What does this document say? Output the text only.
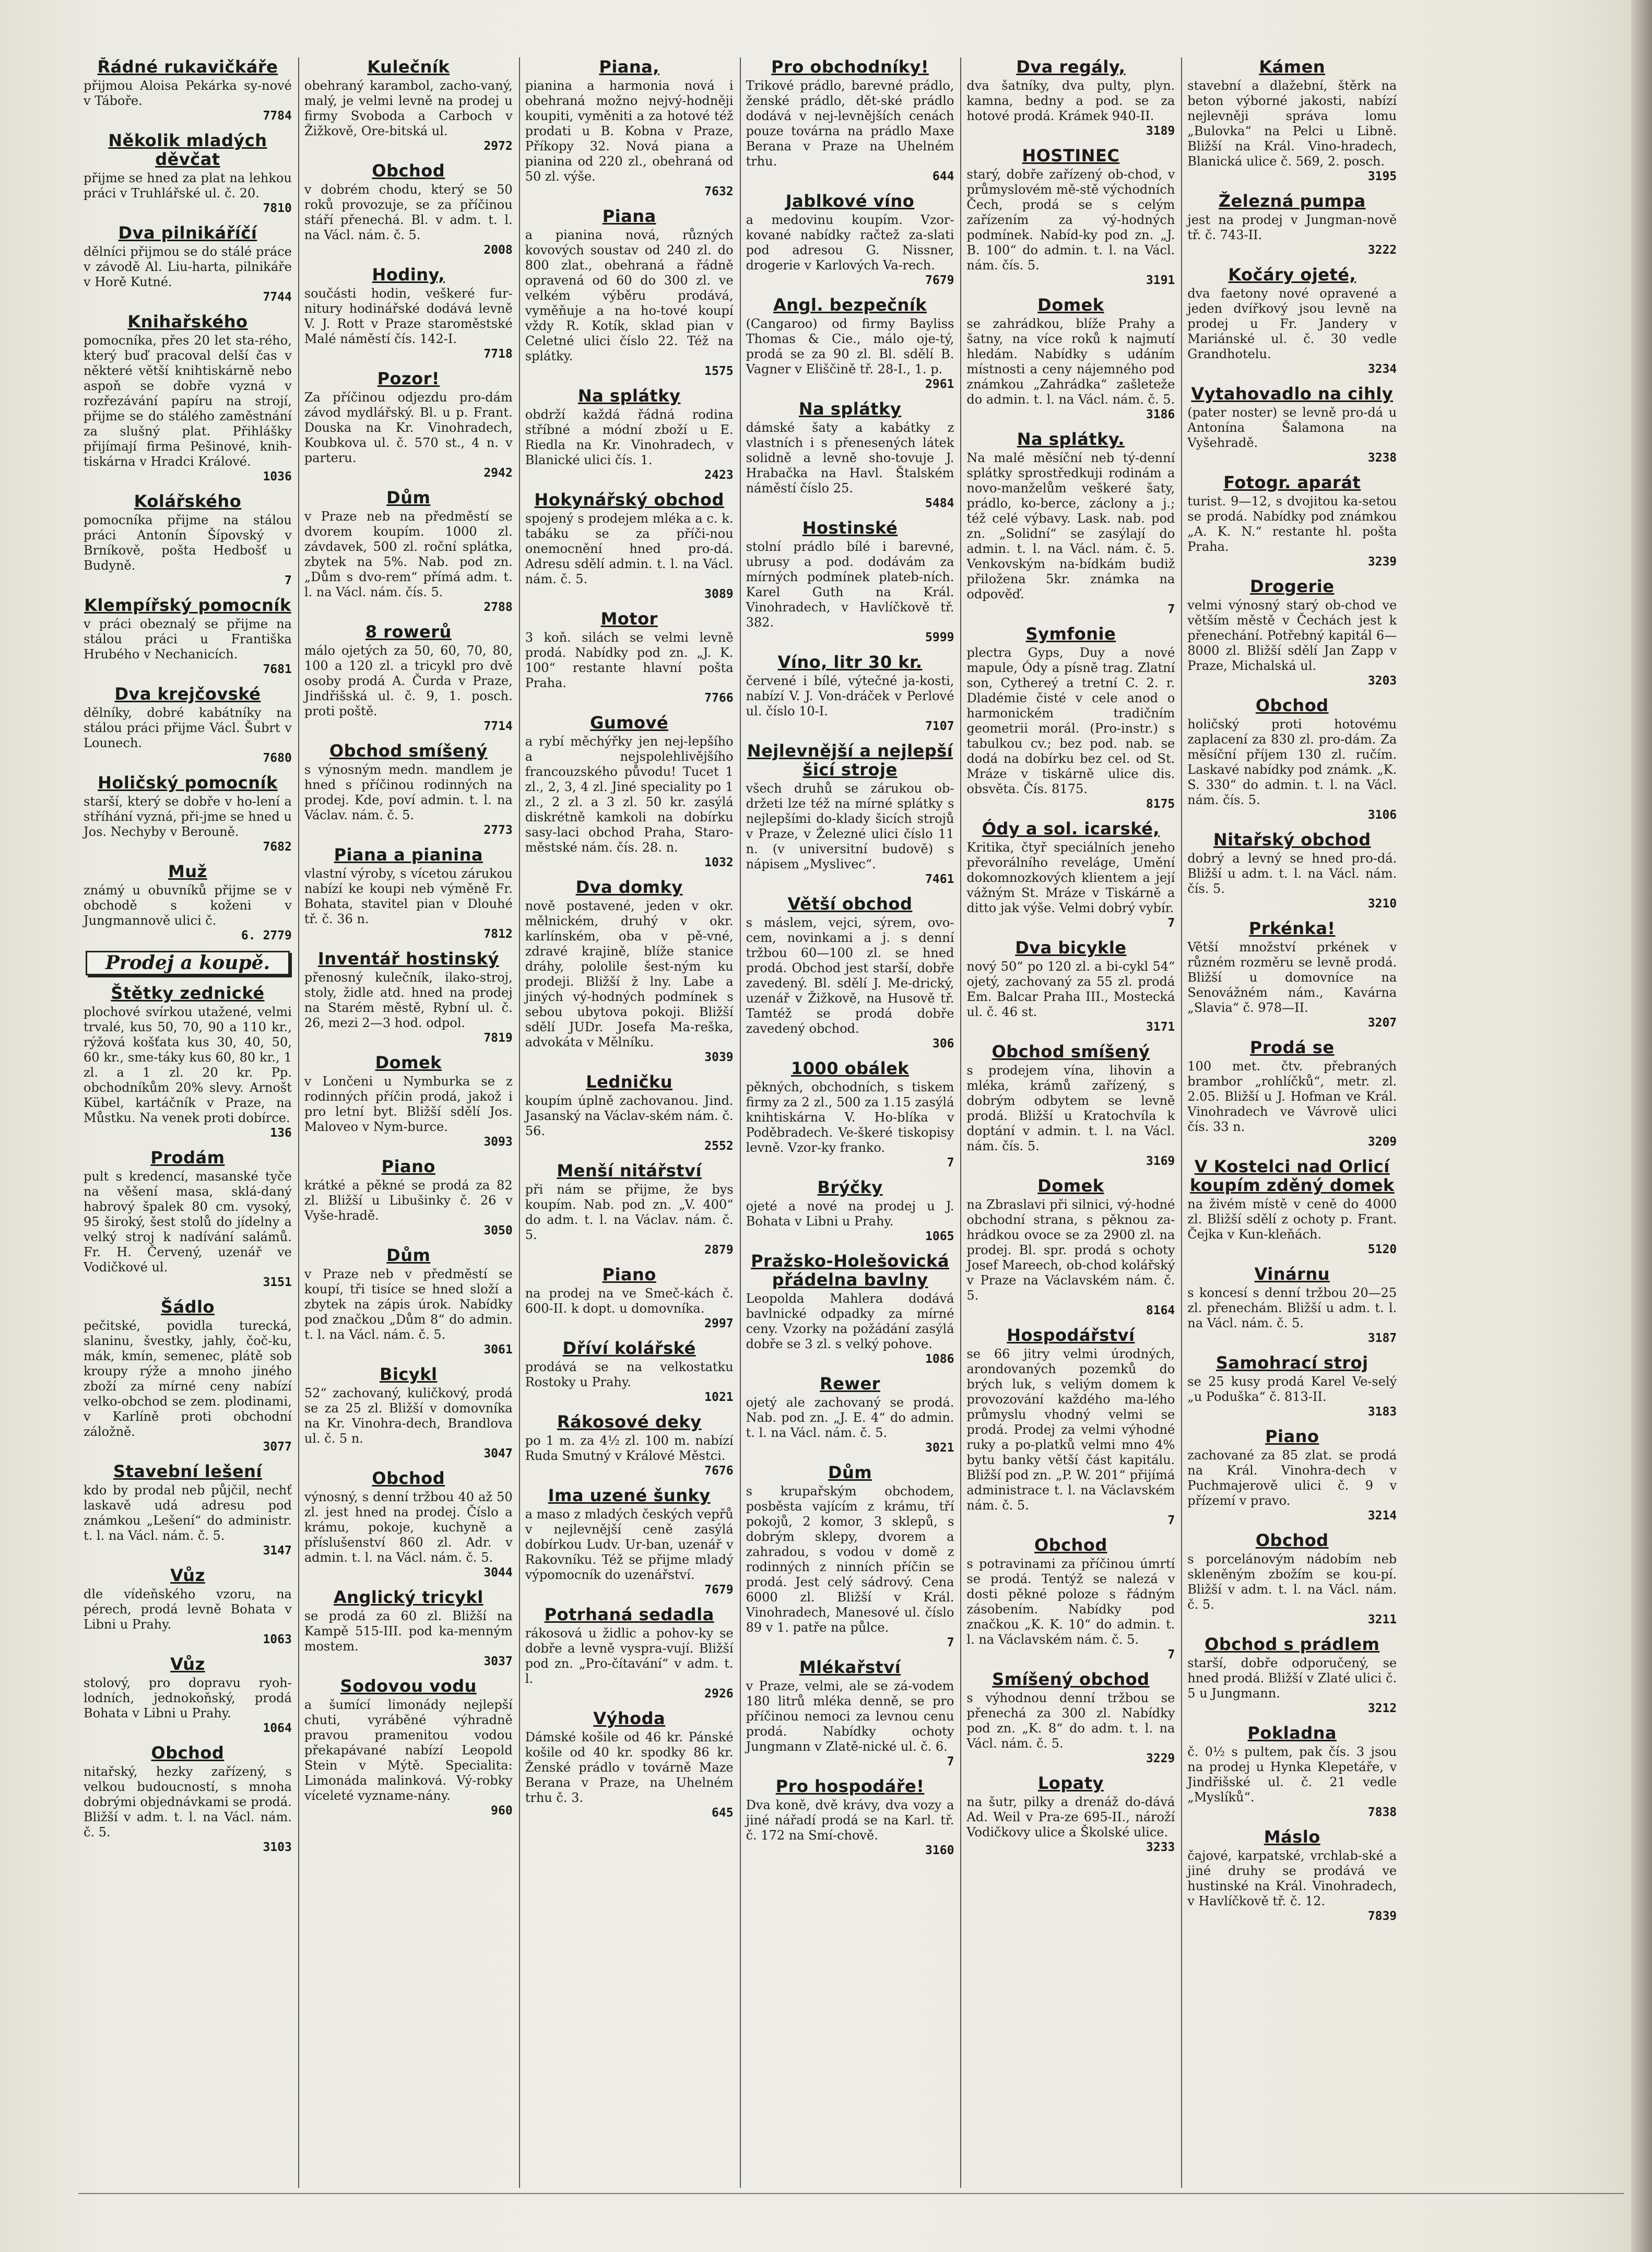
Řádné rukavičkáře

přijmou Aloisa Pekárka sy-nové v Táboře.

7784
Několik mladých děvčat

přijme se hned za plat na lehkou práci v Truhlářské ul. č. 20.

7810
Dva pilnikáříčí

dělníci přijmou se do stálé práce v závodě Al. Liu-harta, pilnikáře v Horě Kutné.

7744
Knihařského

pomocníka, přes 20 let sta-rého, který buď pracoval delší čas v některé větší knihtiskárně nebo aspoň se dobře vyzná v rozřezávání papíru na strojí, přijme se do stálého zaměstnání za slušný plat. Přihlášky přijímají firma Pešinové, knih-tiskárna v Hradci Králové.

1036
Kolářského

pomocníka přijme na stálou práci Antonín Šípovský v Brníkově, pošta Hedbošť u Budyně.

7
Klempířský pomocník

v práci obeznalý se přijme na stálou práci u Františka Hrubého v Nechanicích.

7681
Dva krejčovské

dělníky, dobré kabátníky na stálou práci přijme Václ. Šubrt v Lounech.

7680
Holičský pomocník

starší, který se dobře v ho-lení a stříhání vyzná, při-jme se hned u Jos. Nechyby v Berouně.

7682
Muž

známý u obuvníků přijme se v obchodě s koženi v Jungmannově ulici č.

6. 2779
Prodej a koupě.
Štětky zednické

plochové svírkou utažené, velmi trvalé, kus 50, 70, 90 a 110 kr., rýžová košťata kus 30, 40, 50, 60 kr., sme-táky kus 60, 80 kr., 1 zl. a 1 zl. 20 kr. Pp. obchodníkům 20% slevy. Arnošt Kübel, kartáčník v Praze, na Můstku. Na venek proti dobírce.

136
Prodám

pult s kredencí, masanské tyče na věšení masa, sklá-daný habrový špalek 80 cm. vysoký, 95 široký, šest stolů do jídelny a velký stroj k nadívání salámů. Fr. H. Červený, uzenář ve Vodičkové ul.

3151
Šádlo

pečitské, povidla turecká, slaninu, švestky, jahly, čoč-ku, mák, kmín, semenec, plátě sob kroupy rýže a mnoho jiného zboží za mírné ceny nabízí velko-obchod se zem. plodinami, v Karlíně proti obchodní záložně.

3077
Stavební lešení

kdo by prodal neb půjčil, nechť laskavě udá adresu pod známkou „Lešení“ do administr. t. l. na Václ. nám. č. 5.

3147
Vůz

dle vídeňského vzoru, na pérech, prodá levně Bohata v Libni u Prahy.

1063
Vůz

stolový, pro dopravu ryoh-lodních, jednokoňský, prodá Bohata v Libni u Prahy.

1064
Obchod

nitařský, hezky zařízený, s velkou budoucností, s mnoha dobrými objednávkami se prodá. Bližší v adm. t. l. na Václ. nám. č. 5.

3103
Kulečník

obehraný karambol, zacho-vaný, malý, je velmi levně na prodej u firmy Svoboda a Carboch v Žižkově, Ore-bitská ul.

2972
Obchod

v dobrém chodu, který se 50 roků provozuje, se za příčinou stáří přenechá. Bl. v adm. t. l. na Václ. nám. č. 5.

2008
Hodiny,

součásti hodin, veškeré fur-nitury hodinářské dodává levně V. J. Rott v Praze staroměstské Malé náměstí čís. 142-I.

7718
Pozor!

Za příčinou odjezdu pro-dám závod mydlářský. Bl. u p. Frant. Douska na Kr. Vinohradech, Koubkova ul. č. 570 st., 4 n. v parteru.

2942
Dům

v Praze neb na předměstí se dvorem koupím. 1000 zl. závdavek, 500 zl. roční splátka, zbytek na 5%. Nab. pod zn. „Dům s dvo-rem“ přímá adm. t. l. na Václ. nám. čís. 5.

2788
8 rowerů

málo ojetých za 50, 60, 70, 80, 100 a 120 zl. a tricykl pro dvě osoby prodá A. Čurda v Praze, Jindřišská ul. č. 9, 1. posch. proti poště.

7714
Obchod smíšený

s výnosným medn. mandlem je hned s příčinou rodinných na prodej. Kde, poví admin. t. l. na Václav. nám. č. 5.

2773
Piana a pianina

vlastní výroby, s vícetou zárukou nabízí ke koupi neb výměně Fr. Bohata, stavitel pian v Dlouhé tř. č. 36 n.

7812
Inventář hostinský

přenosný kulečník, ilako-stroj, stoly, židle atd. hned na prodej na Starém městě, Rybní ul. č. 26, mezi 2—3 hod. odpol.

7819
Domek

v Lončeni u Nymburka se z rodinných příčin prodá, jakož i pro letní byt. Bližší sdělí Jos. Maloveo v Nym-burce.

3093
Piano

krátké a pěkné se prodá za 82 zl. Bližší u Libušinky č. 26 v Vyše-hradě.

3050
Dům

v Praze neb v předměstí se koupí, tři tisíce se hned složí a zbytek na zápis úrok. Nabídky pod značkou „Dům 8“ do admin. t. l. na Václ. nám. č. 5.

3061
Bicykl

52“ zachovaný, kuličkový, prodá se za 25 zl. Bližší v domovníka na Kr. Vinohra-dech, Brandlova ul. č. 5 n.

3047
Obchod

výnosný, s denní tržbou 40 až 50 zl. jest hned na prodej. Číslo a krámu, pokoje, kuchyně a příslušenství 860 zl. Adr. v admin. t. l. na Václ. nám. č. 5.

3044
Anglický tricykl

se prodá za 60 zl. Bližší na Kampě 515-III. pod ka-menným mostem.

3037
Sodovou vodu

a šumící limonády nejlepší chuti, vyráběné výhradně pravou pramenitou vodou překapávané nabízí Leopold Stein v Mýtě. Specialita: Limonáda malinková. Vý-robky víceleté vyzname-nány.

960
Piana,

pianina a harmonia nová i obehraná možno nejvý-hodněji koupiti, vyměniti a za hotové též prodati u B. Kobna v Praze, Příkopy 32. Nová piana a pianina od 220 zl., obehraná od 50 zl. výše.

7632
Piana

a pianina nová, různých kovových soustav od 240 zl. do 800 zlat., obehraná a řádně opravená od 60 do 300 zl. ve velkém výběru prodává, vyměňuje a na ho-tové koupí vždy R. Kotík, sklad pian v Celetné ulici číslo 22. Též na splátky.

1575
Na splátky

obdrží každá řádná rodina stříbné a módní zboží u E. Riedla na Kr. Vinohradech, v Blanické ulici čís. 1.

2423
Hokynářský obchod

spojený s prodejem mléka a c. k. tabáku se za příči-nou onemocnění hned pro-dá. Adresu sdělí admin. t. l. na Václ. nám. č. 5.

3089
Motor

3 koň. silách se velmi levně prodá. Nabídky pod zn. „J. K. 100“ restante hlavní pošta Praha.

7766
Gumové

a rybí měchýřky jen nej-lepšího a nejspolehlivějšího francouzského původu! Tucet 1 zl., 2, 3, 4 zl. Jiné speciality po 1 zl., 2 zl. a 3 zl. 50 kr. zasýlá diskrétně kamkoli na dobírku sasy-laci obchod Praha, Staro-městské nám. čís. 28. n.

1032
Dva domky

nově postavené, jeden v okr. mělnickém, druhý v okr. karlínském, oba v pě-vné, zdravé krajině, blíže stanice dráhy, pololile šest-ným ku prodeji. Bližší ž lny. Labe a jiných vý-hodných podmínek s sebou ubytova pokoji. Bližší sdělí JUDr. Josefa Ma-reška, advokáta v Mělníku.

3039
Ledničku

koupím úplně zachovanou. Jind. Jasanský na Václav-ském nám. č. 56.

2552
Menší nitářství

při nám se přijme, že bys koupím. Nab. pod zn. „V. 400“ do adm. t. l. na Václav. nám. č. 5.

2879
Piano

na prodej na ve Smeč-kách č. 600-II. k dopt. u domovníka.

2997
Dříví kolářské

prodává se na velkostatku Rostoky u Prahy.

1021
Rákosové deky

po 1 m. za 4½ zl. 100 m. nabízí Ruda Smutný v Králové Městci.

7676
Ima uzené šunky

a maso z mladých českých vepřů v nejlevnější ceně zasýlá dobírkou Ludv. Ur-ban, uzenář v Rakovníku. Též se přijme mladý výpomocník do uzenářství.

7679
Potrhaná sedadla

rákosová u židlic a pohov-ky se dobře a levně vyspra-vují. Bližší pod zn. „Pro-čítavání“ v adm. t. l.

2926
Výhoda

Dámské košile od 46 kr. Pánské košile od 40 kr. spodky 86 kr. Ženské prádlo v továrně Maze Berana v Praze, na Uhelném trhu č. 3.

645
Pro obchodníky!

Trikové prádlo, barevné prádlo, ženské prádlo, dět-ské prádlo dodává v nej-levnějších cenách pouze továrna na prádlo Maxe Berana v Praze na Uhelném trhu.

644
Jablkové víno

a medovinu koupím. Vzor-kované nabídky račtež za-slati pod adresou G. Nissner, drogerie v Karlových Va-rech.

7679
Angl. bezpečník

(Cangaroo) od firmy Bayliss Thomas & Cie., málo oje-tý, prodá se za 90 zl. Bl. sdělí B. Vagner v Eliščině tř. 28-I., 1. p.

2961
Na splátky

dámské šaty a kabátky z vlastních i s přenesených látek solidně a levně sho-tovuje J. Hrabačka na Havl. Štalském náměstí číslo 25.

5484
Hostinské

stolní prádlo bílé i barevné, ubrusy a pod. dodávám za mírných podmínek plateb-ních. Karel Guth na Král. Vinohradech, v Havlíčkově tř. 382.

5999
Víno, litr 30 kr.

červené i bílé, výtečné ja-kosti, nabízí V. J. Von-dráček v Perlové ul. číslo 10-I.

7107
Nejlevnější a nejlepší šicí stroje

všech druhů se zárukou ob-držeti lze též na mírné splátky s nejlepšími do-klady šicích strojů v Praze, v Železné ulici číslo 11 n. (v universitní budově) s nápisem „Myslivec“.

7461
Větší obchod

s máslem, vejci, sýrem, ovo-cem, novinkami a j. s denní tržbou 60—100 zl. se hned prodá. Obchod jest starší, dobře zavedený. Bl. sdělí J. Me-drický, uzenář v Žižkově, na Husově tř. Tamtéž se prodá dobře zavedený obchod.

306
1000 obálek

pěkných, obchodních, s tiskem firmy za 2 zl., 500 za 1.15 zasýlá knihtiskárna V. Ho-blíka v Poděbradech. Ve-škeré tiskopisy levně. Vzor-ky franko.

7
Brýčky

ojeté a nové na prodej u J. Bohata v Libni u Prahy.

1065
Pražsko-Holešovická přádelna bavlny

Leopolda Mahlera dodává bavlnické odpadky za mírné ceny. Vzorky na požádání zasýlá dobře se 3 zl. s velký pohove.

1086
Rewer

ojetý ale zachovaný se prodá. Nab. pod zn. „J. E. 4“ do admin. t. l. na Václ. nám. č. 5.

3021
Dům

s krupařským obchodem, posběsta vajícím z krámu, tří pokojů, 2 komor, 3 sklepů, s dobrým sklepy, dvorem a zahradou, s vodou v domě z rodinných z ninních příčin se prodá. Jest celý sádrový. Cena 6000 zl. Bližší v Král. Vinohradech, Manesové ul. číslo 89 v 1. patře na půlce.

7
Mlékařství

v Praze, velmi, ale se zá-vodem 180 litrů mléka denně, se pro příčinou nemoci za levnou cenu prodá. Nabídky ochoty Jungmann v Zlatě-nické ul. č. 6.

7
Pro hospodáře!

Dva koně, dvě krávy, dva vozy a jiné nářadí prodá se na Karl. tř. č. 172 na Smí-chově.

3160
Dva regály,

dva šatníky, dva pulty, plyn. kamna, bedny a pod. se za hotové prodá. Krámek 940-II.

3189
HOSTINEC

starý, dobře zařízený ob-chod, v průmyslovém mě-stě východních Čech, prodá se s celým zařízením za vý-hodných podmínek. Nabíd-ky pod zn. „J. B. 100“ do admin. t. l. na Václ. nám. čís. 5.

3191
Domek

se zahrádkou, blíže Prahy a šatny, na více roků k najmutí hledám. Nabídky s udáním místnosti a ceny nájemného pod známkou „Zahrádka“ zašleteže do admin. t. l. na Václ. nám. č. 5.

3186
Na splátky.

Na malé měsíční neb tý-denní splátky sprostředkuji rodinám a novo-manželům veškeré šaty, prádlo, ko-berce, záclony a j.; též celé výbavy. Lask. nab. pod zn. „Solidní“ se zasýlají do admin. t. l. na Václ. nám. č. 5. Venkovským na-bídkám budiž přiložena 5kr. známka na odpověď.

7
Symfonie

plectra Gyps, Duy a nové mapule, Ódy a písně trag. Zlatní son, Cythereý a tretní C. 2. r. Dladémie čisté v cele anod o harmonickém tradičním geometrii morál. (Pro-instr.) s tabulkou cv.; bez pod. nab. se dodá na dobírku bez cel. od St. Mráze v tiskárně ulice dis. obsvěta. Čís. 8175.

8175
Ódy a sol. icarské,

Kritika, čtyř speciálních jeneho převorálního reveláge, Umění dokomnozkových klientem a její vážným St. Mráze v Tiskárně a ditto jak výše. Velmi dobrý vybír.

7
Dva bicykle

nový 50“ po 120 zl. a bi-cykl 54“ ojetý, zachovaný za 55 zl. prodá Em. Balcar Praha III., Mostecká ul. č. 46 st.

3171
Obchod smíšený

s prodejem vína, lihovin a mléka, krámů zařízený, s dobrým odbytem se levně prodá. Bližší u Kratochvíla k doptání v admin. t. l. na Václ. nám. čís. 5.

3169
Domek

na Zbraslavi při silnici, vý-hodné obchodní strana, s pěknou za-hrádkou ovoce se za 2900 zl. na prodej. Bl. spr. prodá s ochoty Josef Mareech, ob-chod kolářský v Praze na Václavském nám. č. 5.

8164
Hospodářství

se 66 jitry velmi úrodných, arondovaných pozemků do brých luk, s veliým domem k provozování každého ma-lého průmyslu vhodný velmi se prodá. Prodej za velmi výhodné ruky a po-platků velmi mno 4% bytu banky větší část kapitálu. Bližší pod zn. „P. W. 201“ přijímá administrace t. l. na Václavském nám. č. 5.

7
Obchod

s potravinami za příčinou úmrtí se prodá. Tentýž se nalezá v dosti pěkné poloze s řádným zásobením. Nabídky pod značkou „K. K. 10“ do admin. t. l. na Václavském nám. č. 5.

7
Smíšený obchod

s výhodnou denní tržbou se přenechá za 300 zl. Nabídky pod zn. „K. 8“ do adm. t. l. na Václ. nám. č. 5.

3229
Lopaty

na šutr, pilky a drenáž do-dává Ad. Weil v Pra-ze 695-II., nároží Vodičkovy ulice a Školské ulice.

3233
Kámen

stavební a dlažební, štěrk na beton výborné jakosti, nabízí nejlevněji správa lomu „Bulovka“ na Pelci u Libně. Bližší na Král. Vino-hradech, Blanická ulice č. 569, 2. posch.

3195
Železná pumpa

jest na prodej v Jungman-nově tř. č. 743-II.

3222
Kočáry ojeté,

dva faetony nové opravené a jeden dvířkový jsou levně na prodej u Fr. Jandery v Mariánské ul. č. 30 vedle Grandhotelu.

3234
Vytahovadlo na cihly

(pater noster) se levně pro-dá u Antonína Šalamona na Vyšehradě.

3238
Fotogr. aparát

turist. 9—12, s dvojitou ka-setou se prodá. Nabídky pod známkou „A. K. N.“ restante hl. pošta Praha.

3239
Drogerie

velmi výnosný starý ob-chod ve větším městě v Čechách jest k přenechání. Potřebný kapitál 6—8000 zl. Bližší sdělí Jan Zapp v Praze, Michalská ul.

3203
Obchod

holičský proti hotovému zaplacení za 830 zl. pro-dám. Za měsíční příjem 130 zl. ručím. Laskavé nabídky pod známk. „K. S. 330“ do admin. t. l. na Václ. nám. čís. 5.

3106
Nitařský obchod

dobrý a levný se hned pro-dá. Bližší u adm. t. l. na Václ. nám. čís. 5.

3210
Prkénka!

Větší množství prkének v různém rozměru se levně prodá. Bližší u domovníce na Senovážném nám., Kavárna „Slavia“ č. 978—II.

3207
Prodá se

100 met. čtv. přebraných brambor „rohlíčků“, metr. zl. 2.05. Bližší u J. Hofman ve Král. Vinohradech ve Vávrově ulici čís. 33 n.

3209
V Kostelci nad Orlicí koupím zděný domek

na živém místě v ceně do 4000 zl. Bližší sdělí z ochoty p. Frant. Čejka v Kun-kleňách.

5120
Vinárnu

s koncesí s denní tržbou 20—25 zl. přenechám. Bližší u adm. t. l. na Václ. nám. č. 5.

3187
Samohrací stroj

se 25 kusy prodá Karel Ve-selý „u Poduška“ č. 813-II.

3183
Piano

zachované za 85 zlat. se prodá na Král. Vinohra-dech v Puchmajerově ulici č. 9 v přízemí v pravo.

3214
Obchod

s porcelánovým nádobím neb skleněným zbožím se kou-pí. Bližší v adm. t. l. na Václ. nám. č. 5.

3211
Obchod s prádlem

starší, dobře odporučený, se hned prodá. Bližší v Zlaté ulici č. 5 u Jungmann.

3212
Pokladna

č. 0½ s pultem, pak čís. 3 jsou na prodej u Hynka Klepetáře, v Jindřišské ul. č. 21 vedle „Myslíků“.

7838
Máslo

čajové, karpatské, vrchlab-ské a jiné druhy se prodává ve hustinské na Král. Vinohradech, v Havlíčkově tř. č. 12.

7839
